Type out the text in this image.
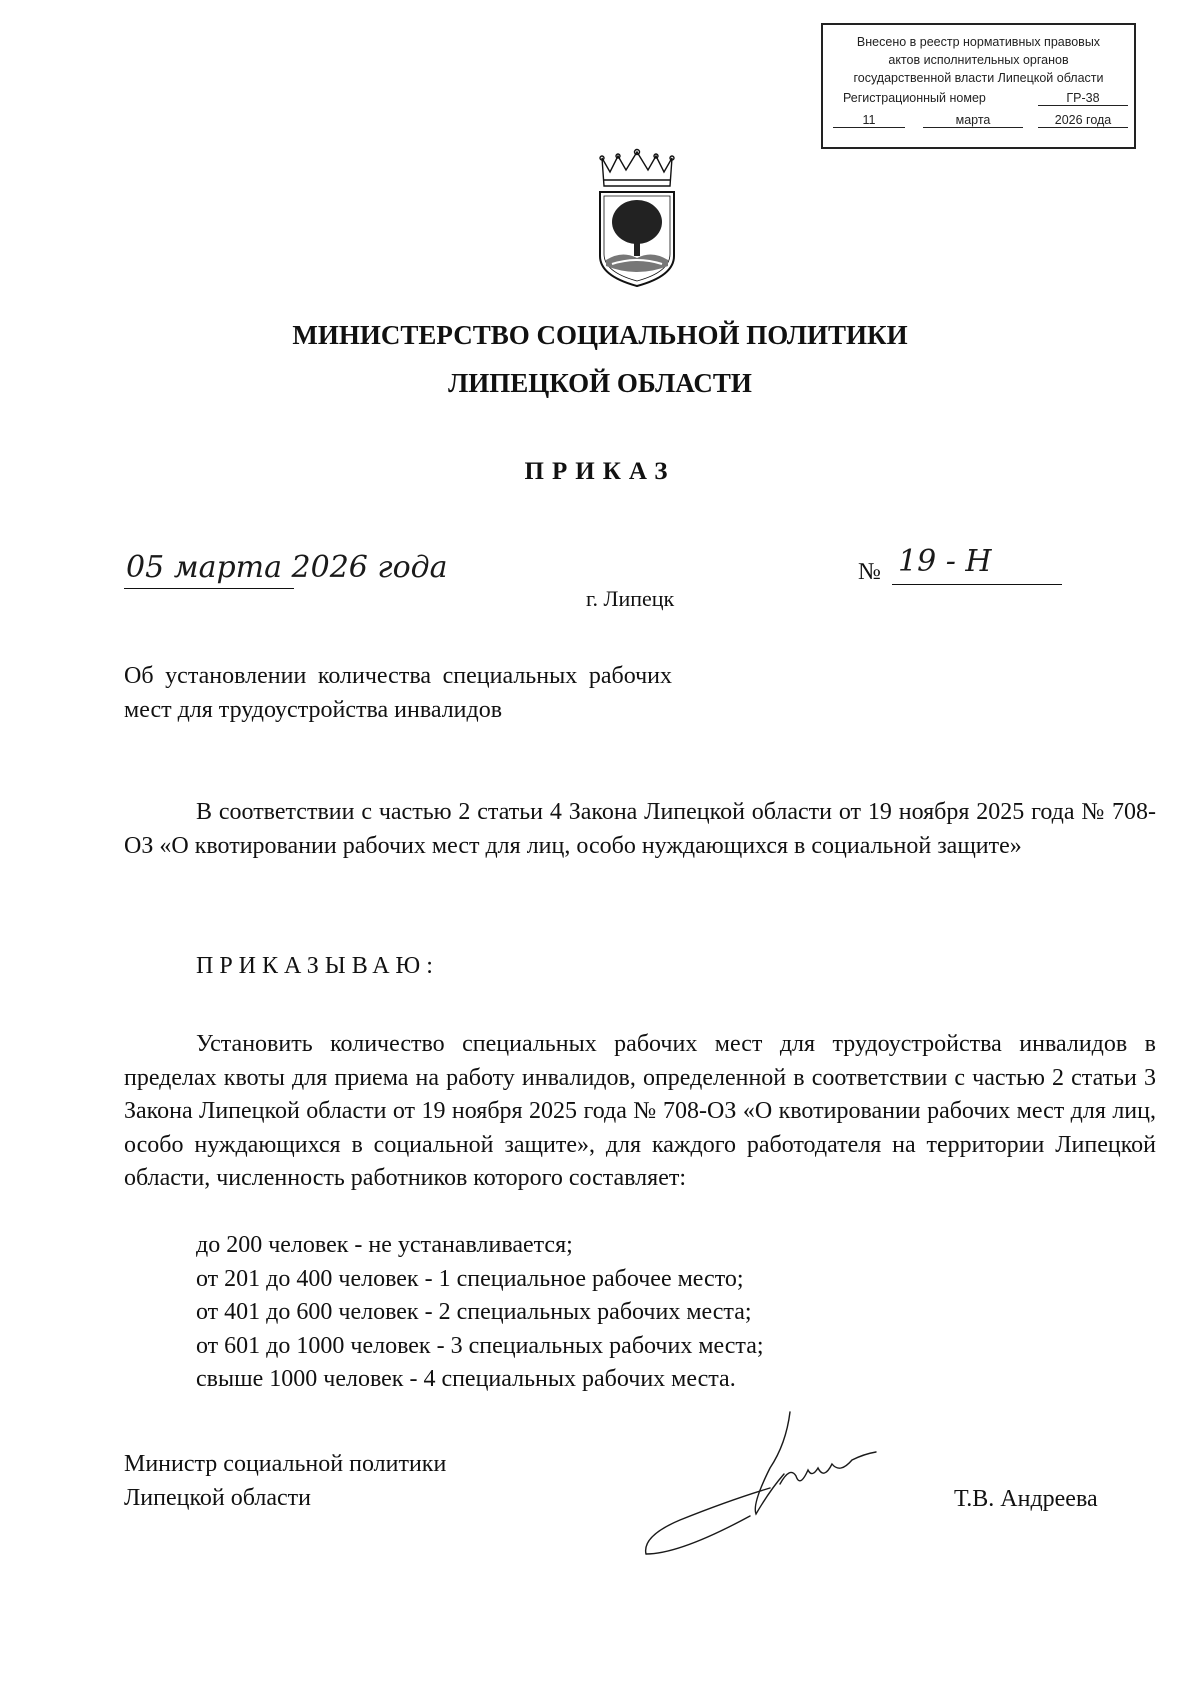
Внесено в реестр нормативных правовых
актов исполнительных органов
государственной власти Липецкой области
Регистрационный номер	ГР-38
11	марта	2026 года
МИНИСТЕРСТВО СОЦИАЛЬНОЙ ПОЛИТИКИ
ЛИПЕЦКОЙ ОБЛАСТИ
ПРИКАЗ
05 марта 2026 года	№ 19 - Н
г. Липецк
Об установлении количества специальных рабочих мест для трудоустройства инвалидов
В соответствии с частью 2 статьи 4 Закона Липецкой области от 19 ноября 2025 года № 708-ОЗ «О квотировании рабочих мест для лиц, особо нуждающихся в социальной защите»
ПРИКАЗЫВАЮ:
Установить количество специальных рабочих мест для трудоустройства инвалидов в пределах квоты для приема на работу инвалидов, определенной в соответствии с частью 2 статьи 3 Закона Липецкой области от 19 ноября 2025 года № 708-ОЗ «О квотировании рабочих мест для лиц, особо нуждающихся в социальной защите», для каждого работодателя на территории Липецкой области, численность работников которого составляет:
до 200 человек - не устанавливается;
от 201 до 400 человек - 1 специальное рабочее место;
от 401 до 600 человек - 2 специальных рабочих места;
от 601 до 1000 человек - 3 специальных рабочих места;
свыше 1000 человек - 4 специальных рабочих места.
Министр социальной политики
Липецкой области	Т.В. Андреева
